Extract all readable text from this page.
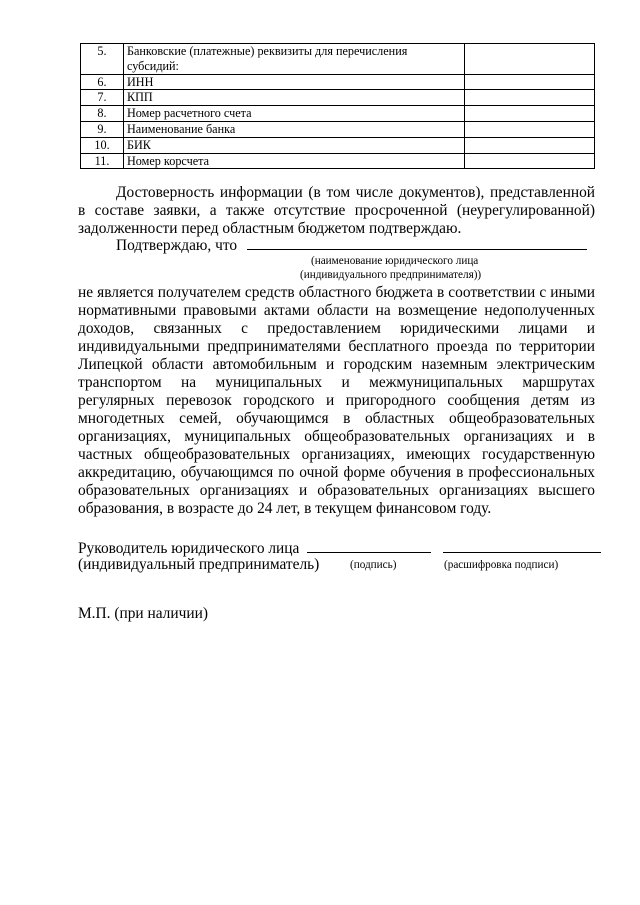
5.	Банковские (платежные) реквизиты для перечисления субсидий:	
6.	ИНН	
7.	КПП	
8.	Номер расчетного счета	
9.	Наименование банка	
10.	БИК	
11.	Номер корсчета	

Достоверность информации (в том числе документов), представленной в составе заявки, а также отсутствие просроченной (неурегулированной) задолженности перед областным бюджетом подтверждаю.

Подтверждаю, что
(наименование юридического лица
(индивидуального предпринимателя))

не является получателем средств областного бюджета в соответствии с иными нормативными правовыми актами области на возмещение недополученных доходов, связанных с предоставлением юридическими лицами и индивидуальными предпринимателями бесплатного проезда по территории Липецкой области автомобильным и городским наземным электрическим транспортом на муниципальных и межмуниципальных маршрутах регулярных перевозок городского и пригородного сообщения детям из многодетных семей, обучающимся в областных общеобразовательных организациях, муниципальных общеобразовательных организациях и в частных общеобразовательных организациях, имеющих государственную аккредитацию, обучающимся по очной форме обучения в профессиональных образовательных организациях и образовательных организациях высшего образования, в возрасте до 24 лет, в текущем финансовом году.

Руководитель юридического лица
(индивидуальный предприниматель)	(подпись)	(расшифровка подписи)
М.П. (при наличии)
